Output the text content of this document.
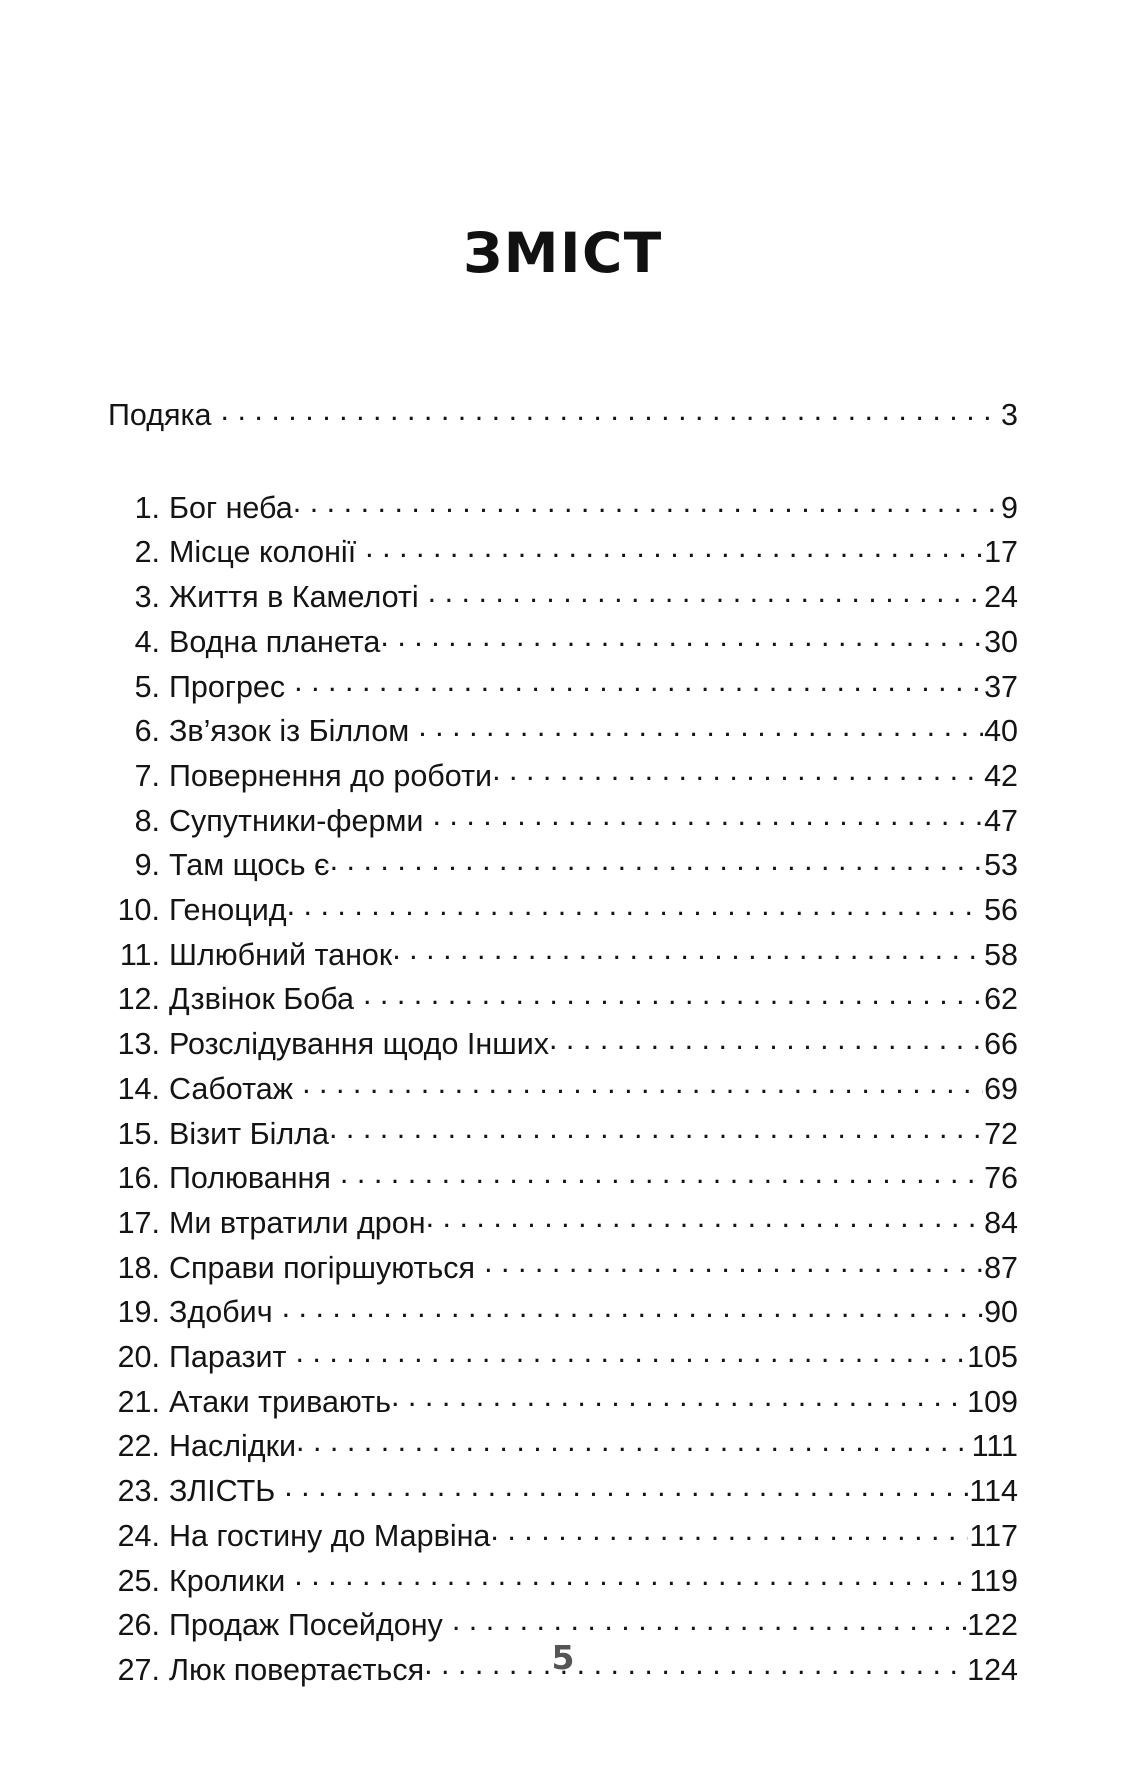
ЗМІСТ
Подяка . . .	3
1. Бог неба . . .	9
2. Місце колонії . . .	17
3. Життя в Камелоті . . .	24
4. Водна планета . . .	30
5. Прогрес . . .	37
6. Зв’язок із Біллом . . .	40
7. Повернення до роботи . . .	42
8. Супутники-ферми . . .	47
9. Там щось є . . .	53
10. Геноцид . . .	56
11. Шлюбний танок . . .	58
12. Дзвінок Боба . . .	62
13. Розслідування щодо Інших . . .	66
14. Саботаж . . .	69
15. Візит Білла . . .	72
16. Полювання . . .	76
17. Ми втратили дрон . . .	84
18. Справи погіршуються . . .	87
19. Здобич . . .	90
20. Паразит . . .	105
21. Атаки тривають . . .	109
22. Наслідки . . .	111
23. ЗЛІСТЬ . . .	114
24. На гостину до Марвіна . . .	117
25. Кролики . . .	119
26. Продаж Посейдону . . .	122
27. Люк повертається . . .	124
5
